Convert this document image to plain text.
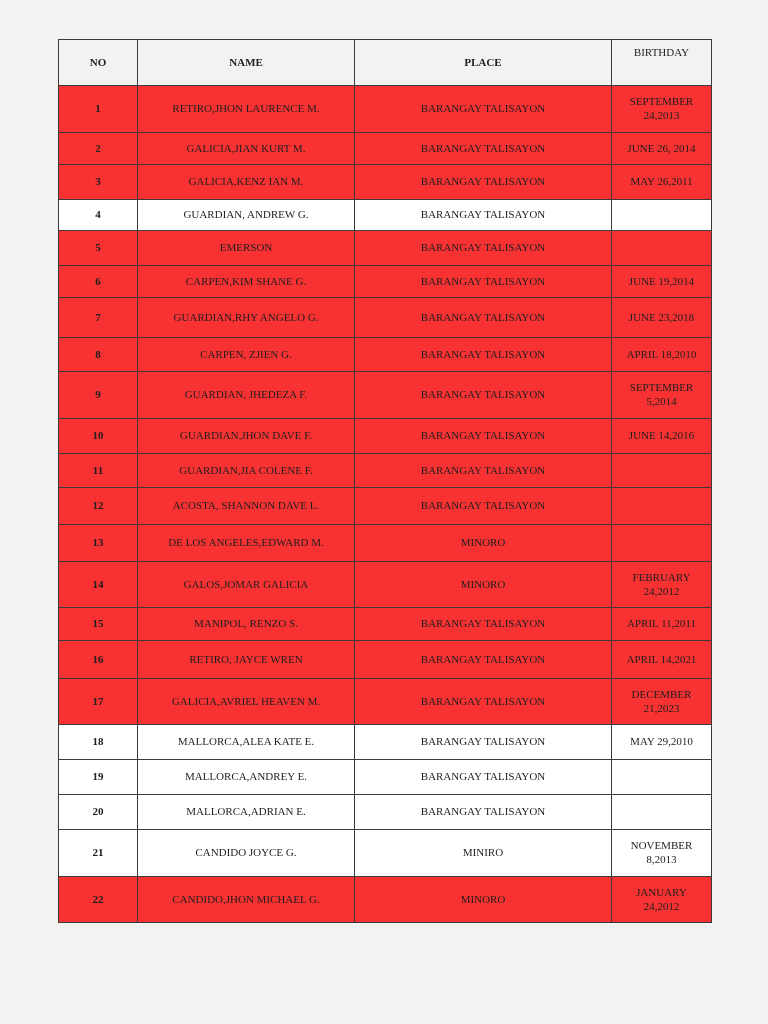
NO	NAME	PLACE	BIRTHDAY
1	RETIRO,JHON LAURENCE M.	BARANGAY TALISAYON	SEPTEMBER
24,2013

2	GALICIA,JIAN KURT M.	BARANGAY TALISAYON	JUNE 26, 2014

3	GALICIA,KENZ IAN M.	BARANGAY TALISAYON	MAY 26,2011

4	GUARDIAN, ANDREW G.	BARANGAY TALISAYON	
5	EMERSON	BARANGAY TALISAYON	
6	CARPEN,KIM SHANE G.	BARANGAY TALISAYON	JUNE 19,2014

7	GUARDIAN,RHY ANGELO G.	BARANGAY TALISAYON	JUNE 23,2018

8	CARPEN, ZJIEN G.	BARANGAY TALISAYON	APRIL 18,2010

9	GUARDIAN, JHEDEZA F.	BARANGAY TALISAYON	SEPTEMBER
5,2014

10	GUARDIAN,JHON DAVE F.	BARANGAY TALISAYON	JUNE 14,2016

11	GUARDIAN,JIA COLENE F.	BARANGAY TALISAYON	
12	ACOSTA, SHANNON DAVE L.	BARANGAY TALISAYON	
13	DE LOS ANGELES,EDWARD M.	MINORO	
14	GALOS,JOMAR GALICIA	MINORO	FEBRUARY
24,2012

15	MANIPOL, RENZO S.	BARANGAY TALISAYON	APRIL 11,2011

16	RETIRO, JAYCE WREN	BARANGAY TALISAYON	APRIL 14,2021

17	GALICIA,AVRIEL HEAVEN M.	BARANGAY TALISAYON	DECEMBER
21,2023

18	MALLORCA,ALEA KATE E.	BARANGAY TALISAYON	MAY 29,2010

19	MALLORCA,ANDREY E.	BARANGAY TALISAYON	
20	MALLORCA,ADRIAN E.	BARANGAY TALISAYON	
21	CANDIDO JOYCE G.	MINIRO	NOVEMBER
8,2013

22	CANDIDO,JHON MICHAEL G.	MINORO	JANUARY
24,2012
